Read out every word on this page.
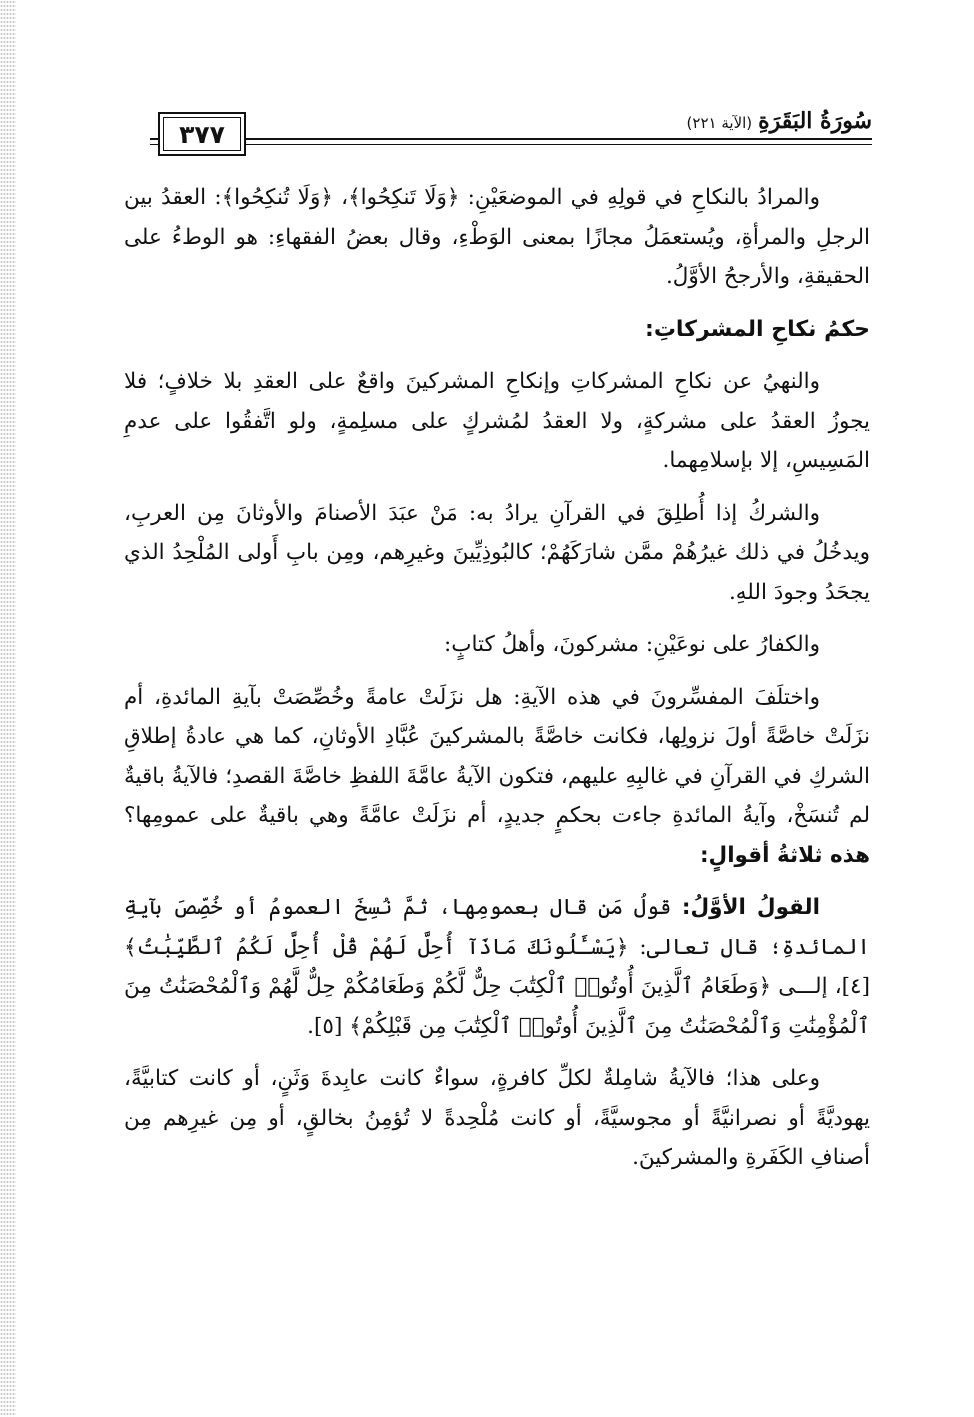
٣٧٧	سُورَةُ البَقَرَةِ(الآية ٢٢١)

والمرادُ بالنكاحِ في قولِهِ في الموضعَيْنِ: ﴿وَلَا تَنكِحُوا﴾، ﴿وَلَا تُنكِحُوا﴾: العقدُ بين الرجلِ والمرأةِ، ويُستعمَلُ مجازًا بمعنى الوَطْءِ، وقال بعضُ الفقهاءِ: هو الوطءُ على الحقيقةِ، والأرجحُ الأوَّلُ.

حكمُ نكاحِ المشركاتِ:

والنهيُ عن نكاحِ المشركاتِ وإنكاحِ المشركينَ واقعٌ على العقدِ بلا خلافٍ؛ فلا يجوزُ العقدُ على مشركةٍ، ولا العقدُ لمُشركٍ على مسلِمةٍ، ولو اتَّفقُوا على عدمِ المَسِيسِ، إلا بإسلامِهما.

والشركُ إذا أُطلِقَ في القرآنِ يرادُ به: مَنْ عبَدَ الأصنامَ والأوثانَ مِن العربِ، ويدخُلُ في ذلك غيرُهُمْ ممَّن شارَكَهُمْ؛ كالبُوذِيِّينَ وغيرِهم، ومِن بابِ أَولى المُلْحِدُ الذي يجحَدُ وجودَ اللهِ.

والكفارُ على نوعَيْنِ: مشركونَ، وأهلُ كتابٍ:

واختلَفَ المفسِّرونَ في هذه الآيةِ: هل نزَلَتْ عامةً وخُصِّصَتْ بآيةِ المائدةِ، أم نزَلَتْ خاصَّةً أولَ نزولِها، فكانت خاصَّةً بالمشركينَ عُبَّادِ الأوثانِ، كما هي عادةُ إطلاقِ الشركِ في القرآنِ في غالبِهِ عليهم، فتكون الآيةُ عامَّةَ اللفظِ خاصَّةَ القصدِ؛ فالآيةُ باقيةٌ لم تُنسَخْ، وآيةُ المائدةِ جاءت بحكمٍ جديدٍ، أم نزَلَتْ عامَّةً وهي باقيةٌ على عمومِها؟ هذه ثلاثةُ أقوالٍ:

القولُ الأوَّلُ: قولُ مَن قال بعمومِها، ثمَّ نُسِخَ العمومُ أو خُصِّصَ بآيةِ المائدةِ؛ قال تعالى: ﴿يَسْـَٔلُونَكَ مَاذَآ أُحِلَّ لَهُمْ قُلْ أُحِلَّ لَكُمُ ٱلطَّيِّبَٰتُ﴾ [٤]، إلـــى ﴿وَطَعَامُ ٱلَّذِينَ أُوتُوا۟ ٱلْكِتَٰبَ حِلٌّ لَّكُمْ وَطَعَامُكُمْ حِلٌّ لَّهُمْ وَٱلْمُحْصَنَٰتُ مِنَ ٱلْمُؤْمِنَٰتِ وَٱلْمُحْصَنَٰتُ مِنَ ٱلَّذِينَ أُوتُوا۟ ٱلْكِتَٰبَ مِن قَبْلِكُمْ﴾ [٥].

وعلى هذا؛ فالآيةُ شامِلةٌ لكلِّ كافرةٍ، سواءٌ كانت عابِدةَ وَثَنٍ، أو كانت كتابيَّةً، يهوديَّةً أو نصرانيَّةً أو مجوسيَّةً، أو كانت مُلْحِدةً لا تُؤمِنُ بخالقٍ، أو مِن غيرِهم مِن أصنافِ الكَفَرةِ والمشركينَ.
